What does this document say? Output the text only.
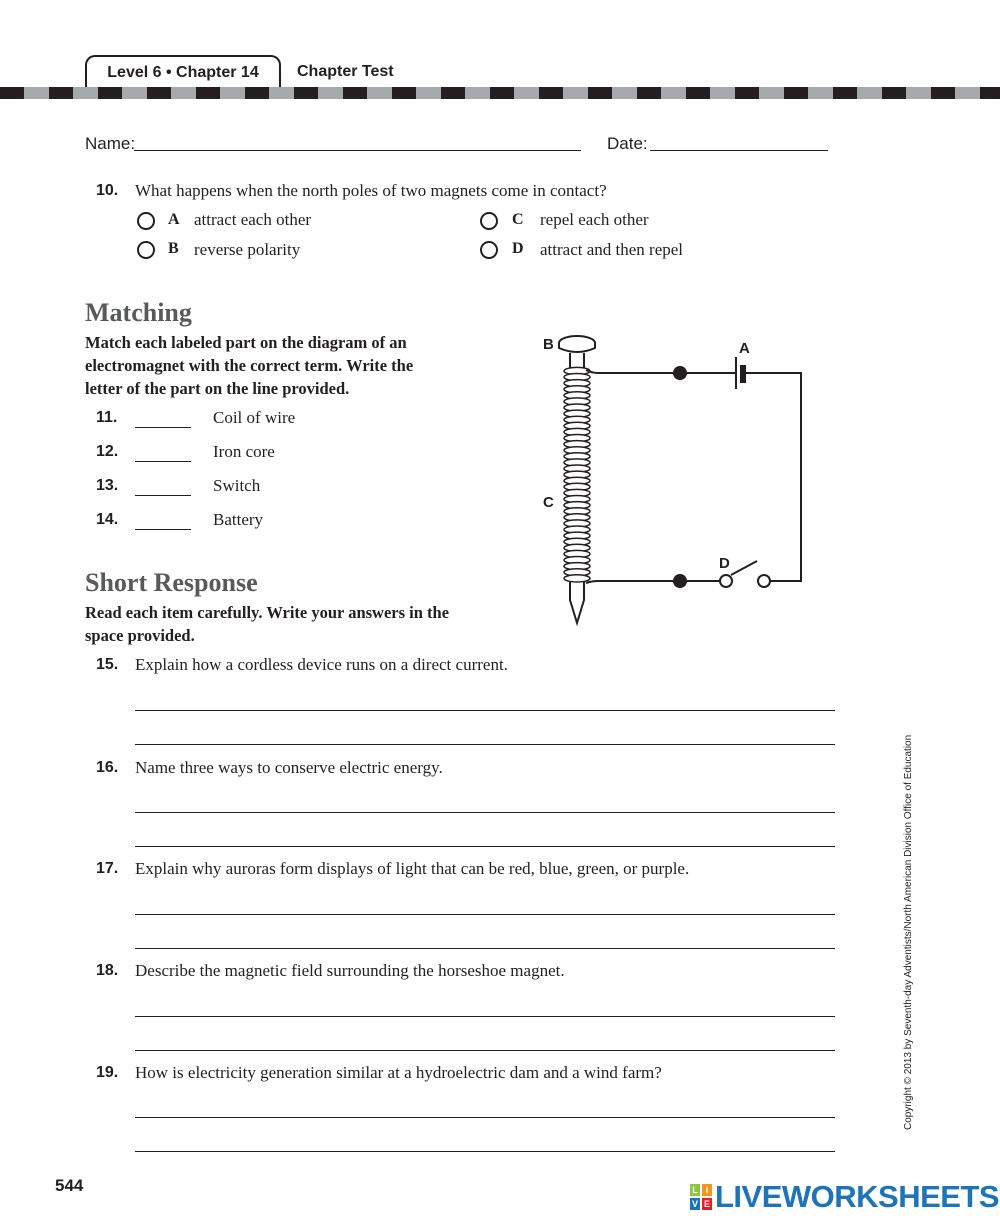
Level 6 • Chapter 14	Chapter Test
Name:	Date:
10. What happens when the north poles of two magnets come in contact?
A attract each other
B reverse polarity
C repel each other
D attract and then repel
Matching
Match each labeled part on the diagram of an
electromagnet with the correct term. Write the
letter of the part on the line provided.
11.	Coil of wire
12.	Iron core
13.	Switch
14.	Battery
B	A
C
D
Short Response
Read each item carefully. Write your answers in the
space provided.
15. Explain how a cordless device runs on a direct current.
16. Name three ways to conserve electric energy.
17. Explain why auroras form displays of light that can be red, blue, green, or purple.
18. Describe the magnetic field surrounding the horseshoe magnet.
19. How is electricity generation similar at a hydroelectric dam and a wind farm?	Copyright © 2013 by Seventh-day Adventists/North American Division Office of Education
544	L I
V E LIVEWORKSHEETS
